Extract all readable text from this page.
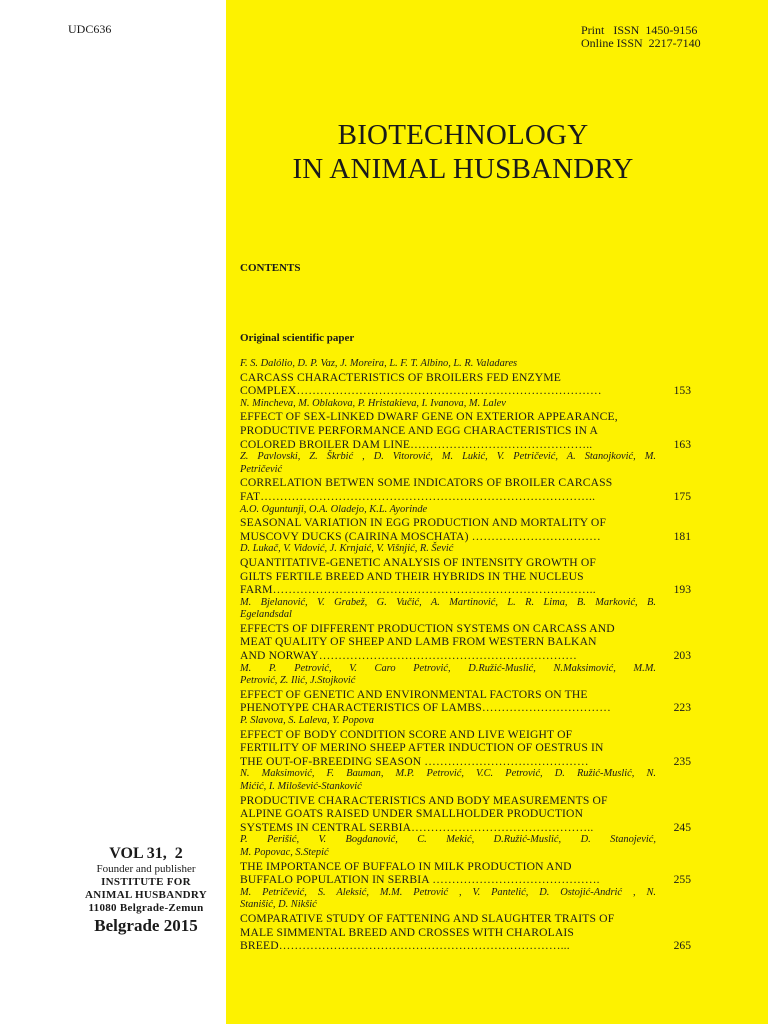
UDC636	Print   ISSN  1450-9156
Online ISSN  2217-7140
BIOTECHNOLOGY
IN ANIMAL HUSBANDRY
CONTENTS
Original scientific paper
F. S. Dalólio, D. P. Vaz, J. Moreira, L. F. T. Albino, L. R. Valadares
CARCASS CHARACTERISTICS OF BROILERS FED ENZYME
COMPLEX……………………………………………………………………	153
N. Mincheva, M. Oblakova, P. Hristakieva, I. Ivanova, M. Lalev
EFFECT OF SEX-LINKED DWARF GENE ON EXTERIOR APPEARANCE,
PRODUCTIVE PERFORMANCE AND EGG CHARACTERISTICS IN A
COLORED BROILER DAM LINE………………………………………..	163
Z. Pavlovski, Z. Škrbić , D. Vitorović, M. Lukić, V. Petričević, A. Stanojković, M.
Petričević
CORRELATION BETWEN SOME INDICATORS OF BROILER CARCASS
FAT…………………………………………………………………………..	175
A.O. Oguntunji, O.A. Oladejo, K.L. Ayorinde
SEASONAL VARIATION IN EGG PRODUCTION AND MORTALITY OF
MUSCOVY DUCKS (CAIRINA MOSCHATA) ……………………………	181
D. Lukač, V. Vidović, J. Krnjaić, V. Višnjić, R. Šević
QUANTITATIVE-GENETIC ANALYSIS OF INTENSITY GROWTH OF
GILTS FERTILE BREED AND THEIR HYBRIDS IN THE NUCLEUS
FARM………………………………………………………………………..	193
M. Bjelanović, V. Grabež, G. Vučić, A. Martinović, L. R. Lima, B. Marković, B.
Egelandsdal
EFFECTS OF DIFFERENT PRODUCTION SYSTEMS ON CARCASS AND
MEAT QUALITY OF SHEEP AND LAMB FROM WESTERN BALKAN
AND NORWAY…………………………………………………………	203
M. P. Petrović, V. Caro Petrović, D.Ružić-Muslić, N.Maksimović, M.M.
Petrović, Z. Ilić, J.Stojković
EFFECT OF GENETIC AND ENVIRONMENTAL FACTORS ON THE
PHENOTYPE CHARACTERISTICS OF LAMBS……………………………	223
P. Slavova, S. Laleva, Y. Popova
EFFECT OF BODY CONDITION SCORE AND LIVE WEIGHT OF
FERTILITY OF MERINO SHEEP AFTER INDUCTION OF OESTRUS IN
THE OUT-OF-BREEDING SEASON ……………………………………	235
N. Maksimović, F. Bauman, M.P. Petrović, V.C. Petrović, D. Ružić-Muslić, N.
Mićić, I. Milošević-Stanković
PRODUCTIVE CHARACTERISTICS AND BODY MEASUREMENTS OF
ALPINE GOATS RAISED UNDER SMALLHOLDER PRODUCTION
SYSTEMS IN CENTRAL SERBIA………………………………………..	245
P. Perišić, V. Bogdanović, C. Mekić, D.Ružić-Muslić, D. Stanojević,
M. Popovac, S.Stepić
THE IMPORTANCE OF BUFFALO IN MILK PRODUCTION AND
BUFFALO POPULATION IN SERBIA …………………………………….	255
M. Petričević, S. Aleksić, M.M. Petrović , V. Pantelić, D. Ostojić-Andrić , N.
Stanišić, D. Nikšić
COMPARATIVE STUDY OF FATTENING AND SLAUGHTER TRAITS OF
MALE SIMMENTAL BREED AND CROSSES WITH CHAROLAIS
BREED………………………………………………………………...	265
VOL 31,  2
Founder and publisher
INSTITUTE FOR
ANIMAL HUSBANDRY
11080 Belgrade-Zemun
Belgrade 2015
